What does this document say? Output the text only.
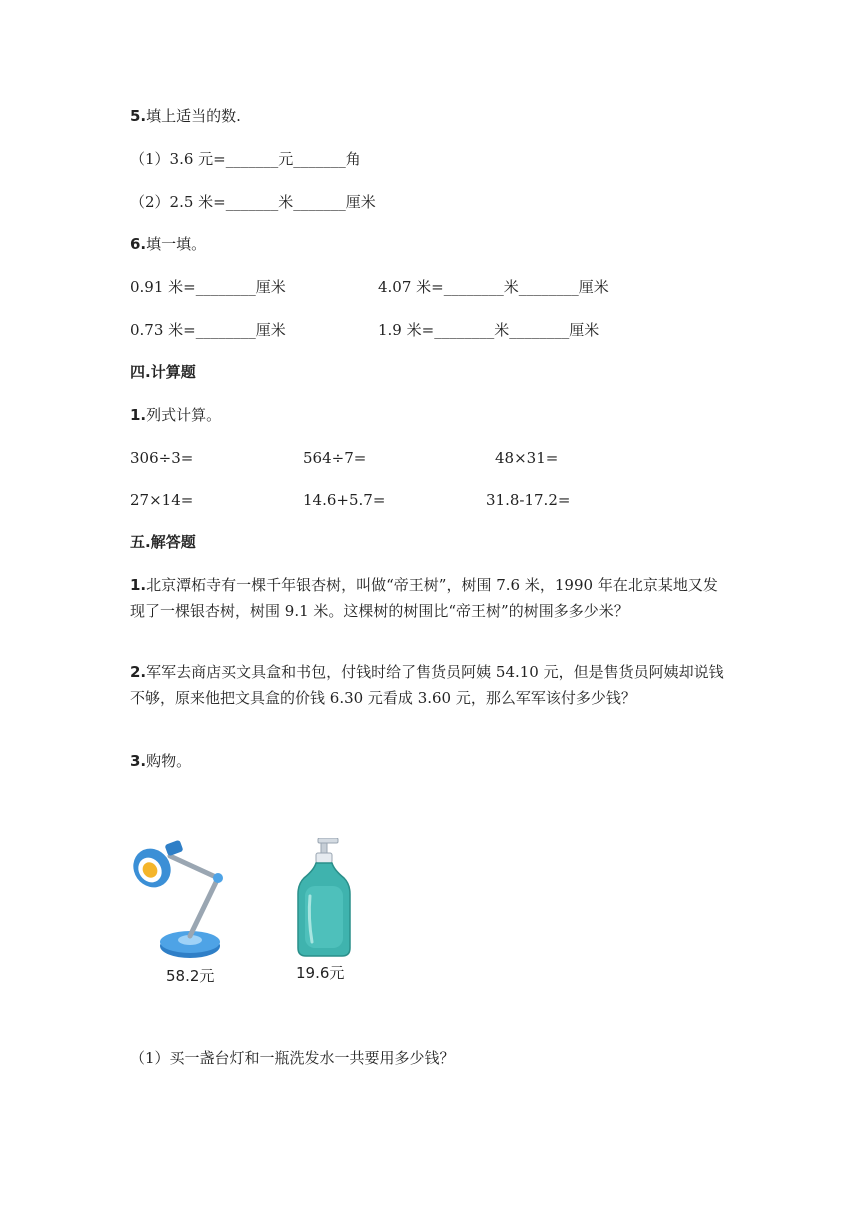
5.填上适当的数.
（1）3.6 元=_______元_______角
（2）2.5 米=_______米_______厘米
6.填一填。
0.91 米=________厘米	4.07 米=________米________厘米
0.73 米=________厘米	1.9 米=________米________厘米
四.计算题
1.列式计算。
306÷3=	564÷7=	48×31=
27×14=	14.6+5.7=	31.8-17.2=
五.解答题
1.北京潭柘寺有一棵千年银杏树，叫做“帝王树”，树围 7.6 米，1990 年在北京某地又发现了一棵银杏树，树围 9.1 米。这棵树的树围比“帝王树”的树围多多少米？
2.军军去商店买文具盒和书包，付钱时给了售货员阿姨 54.10 元，但是售货员阿姨却说钱不够，原来他把文具盒的价钱 6.30 元看成 3.60 元，那么军军该付多少钱？
3.购物。
58.2元	19.6元
（1）买一盏台灯和一瓶洗发水一共要用多少钱？
